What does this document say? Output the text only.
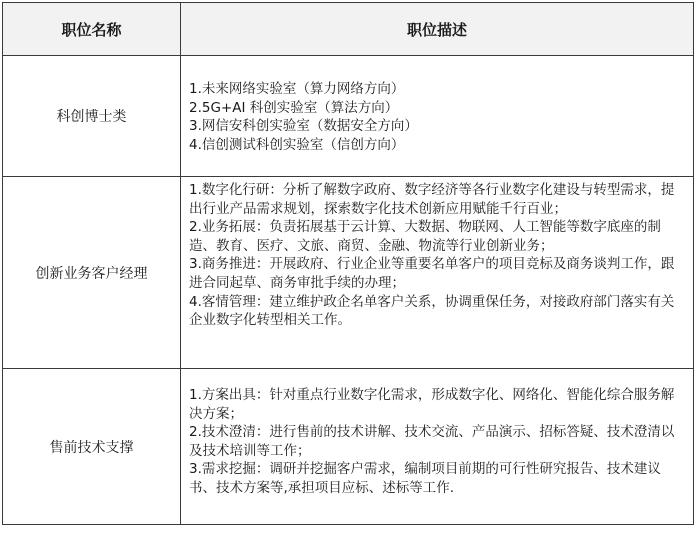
职位名称	职位描述
科创博士类	1.未来网络实验室（算力网络方向）
2.5G+AI 科创实验室（算法方向）
3.网信安科创实验室（数据安全方向）
4.信创测试科创实验室（信创方向）

创新业务客户经理	1.数字化行研：分析了解数字政府、数字经济等各行业数字化建设与转型需求，提出行业产品需求规划，探索数字化技术创新应用赋能千行百业；
2.业务拓展：负责拓展基于云计算、大数据、物联网、人工智能等数字底座的制造、教育、医疗、文旅、商贸、金融、物流等行业创新业务；
3.商务推进：开展政府、行业企业等重要名单客户的项目竞标及商务谈判工作，跟进合同起草、商务审批手续的办理；
4.客情管理：建立维护政企名单客户关系，协调重保任务，对接政府部门落实有关企业数字化转型相关工作。

售前技术支撑	1.方案出具：针对重点行业数字化需求，形成数字化、网络化、智能化综合服务解决方案；
2.技术澄清：进行售前的技术讲解、技术交流、产品演示、招标答疑、技术澄清以及技术培训等工作；
3.需求挖掘：调研并挖掘客户需求，编制项目前期的可行性研究报告、技术建议书、技术方案等,承担项目应标、述标等工作.
